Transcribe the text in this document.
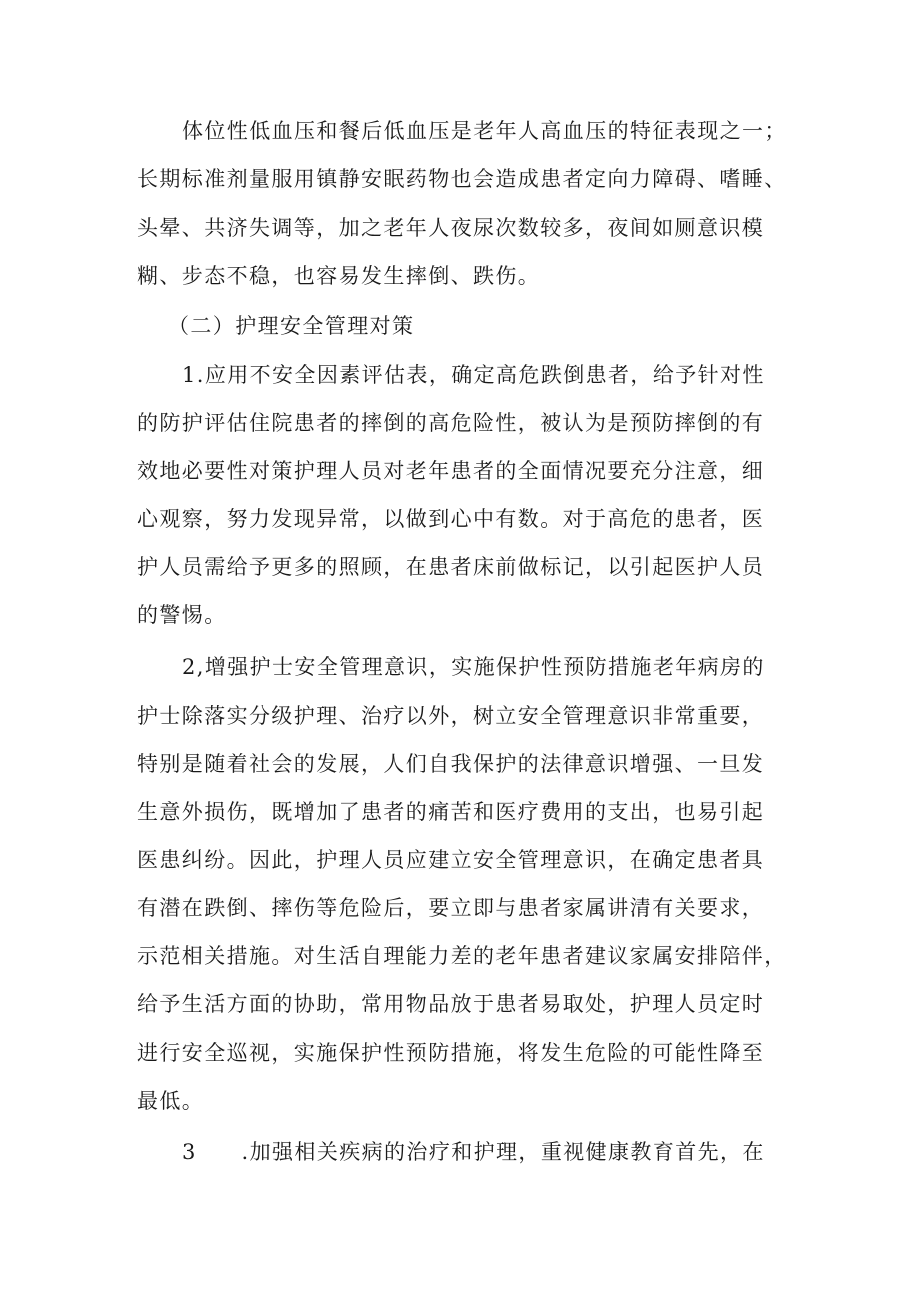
体位性低血压和餐后低血压是老年人高血压的特征表现之一；
长期标准剂量服用镇静安眠药物也会造成患者定向力障碍、嗜睡、
头晕、共济失调等，加之老年人夜尿次数较多，夜间如厕意识模
糊、步态不稳，也容易发生摔倒、跌伤。
（二）护理安全管理对策
1.应用不安全因素评估表，确定高危跌倒患者，给予针对性
的防护评估住院患者的摔倒的高危险性，被认为是预防摔倒的有
效地必要性对策护理人员对老年患者的全面情况要充分注意，细
心观察，努力发现异常，以做到心中有数。对于高危的患者，医
护人员需给予更多的照顾，在患者床前做标记，以引起医护人员
的警惕。
2,增强护士安全管理意识，实施保护性预防措施老年病房的
护士除落实分级护理、治疗以外，树立安全管理意识非常重要，
特别是随着社会的发展，人们自我保护的法律意识增强、一旦发
生意外损伤，既增加了患者的痛苦和医疗费用的支出，也易引起
医患纠纷。因此，护理人员应建立安全管理意识，在确定患者具
有潜在跌倒、摔伤等危险后，要立即与患者家属讲清有关要求，
示范相关措施。对生活自理能力差的老年患者建议家属安排陪伴，
给予生活方面的协助，常用物品放于患者易取处，护理人员定时
进行安全巡视，实施保护性预防措施，将发生危险的可能性降至
最低。
3　　.加强相关疾病的治疗和护理，重视健康教育首先，在
